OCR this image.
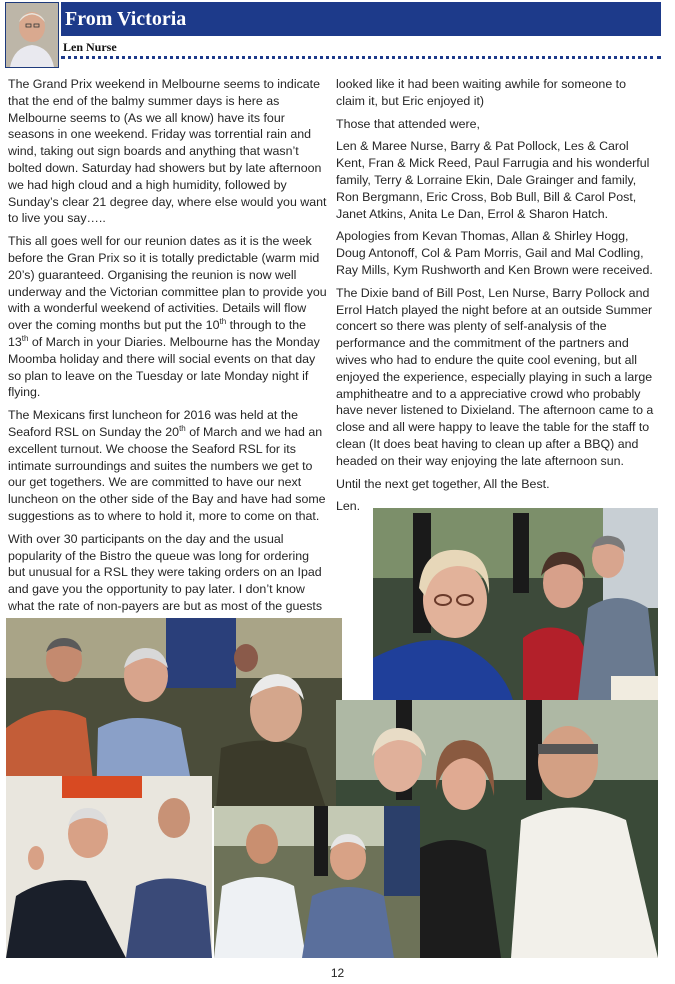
From Victoria
Len Nurse

The Grand Prix weekend in Melbourne seems to indicate that the end of the balmy summer days is here as Melbourne seems to (As we all know) have its four seasons in one weekend. Friday was torrential rain and wind, taking out sign boards and anything that wasn’t bolted down. Saturday had showers but by late afternoon we had high cloud and a high humidity, followed by Sunday’s clear 21 degree day, where else would you want to live you say…..

This all goes well for our reunion dates as it is the week before the Gran Prix so it is totally predictable (warm mid 20’s) guaranteed. Organising the reunion is now well underway and the Victorian committee plan to provide you with a wonderful weekend of activities. Details will flow over the coming months but put the 10th through to the 13th of March in your Diaries. Melbourne has the Monday Moomba holiday and there will social events on that day so plan to leave on the Tuesday or late Monday night if flying.

The Mexicans first luncheon for 2016 was held at the Seaford RSL on Sunday the 20th of March and we had an excellent turnout. We choose the Seaford RSL for its intimate surroundings and suites the numbers we get to our get togethers. We are committed to have our next luncheon on the other side of the Bay and have had some suggestions as to where to hold it, more to come on that.

With over 30 participants on the day and the usual popularity of the Bistro the queue was long for ordering but unusual for a RSL they were taking orders on an Ipad and gave you the opportunity to pay later. I don’t know what the rate of non-payers are but as most of the guests

looked like it had been waiting awhile for someone to claim it, but Eric enjoyed it)

Those that attended were,

Len & Maree Nurse, Barry & Pat Pollock, Les & Carol Kent, Fran & Mick Reed, Paul Farrugia and his wonderful family, Terry & Lorraine Ekin, Dale Grainger and family, Ron Bergmann, Eric Cross, Bob Bull, Bill & Carol Post, Janet Atkins, Anita Le Dan, Errol & Sharon Hatch.

Apologies from Kevan Thomas, Allan & Shirley Hogg, Doug Antonoff, Col & Pam Morris, Gail and Mal Codling, Ray Mills, Kym Rushworth and Ken Brown were received.

The Dixie band of Bill Post, Len Nurse, Barry Pollock and Errol Hatch played the night before at an outside Summer concert so there was plenty of self-analysis of the performance and the commitment of the partners and wives who had to endure the quite cool evening, but all enjoyed the experience, especially playing in such a large amphitheatre and to a appreciative crowd who probably have never listened to Dixieland. The afternoon came to a close and all were happy to leave the table for the staff to clean (It does beat having to clean up after a BBQ) and headed on their way enjoying the late afternoon sun.

Until the next get together, All the Best.

Len.

12
